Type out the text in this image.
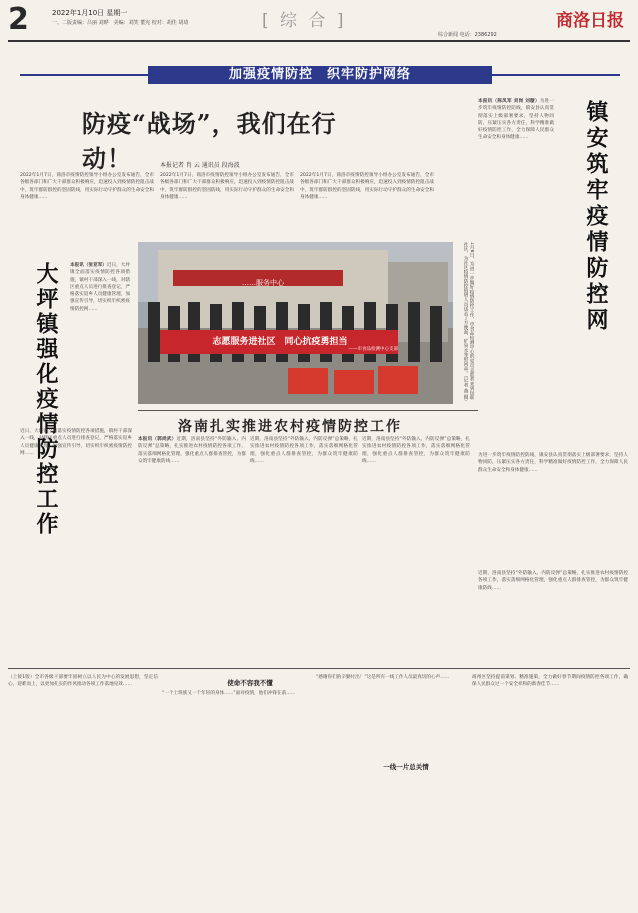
2	2022年1月10日 星期一
一、二版责编：吕丽 刘晔　美编：刘笑 董宪 校对：胡佳 胡琦	[ 综 合 ]	商洛日报
综合新闻 电话：2386292
加强疫情防控　织牢防护网络
防疫“战场”，我们在行动！	本报记者 肖 云 通讯员 段海波
2022年1月7日，商洛市疫情防控领导小组办公室发布通告，全市各级各部门和广大干部群众积极响应，迅速投入到疫情防控阻击战中，筑牢群防群控的坚固防线，用实际行动守护群众的生命安全和身体健康……
2022年1月7日，商洛市疫情防控领导小组办公室发布通告，全市各级各部门和广大干部群众积极响应，迅速投入到疫情防控阻击战中，筑牢群防群控的坚固防线，用实际行动守护群众的生命安全和身体健康……
2022年1月7日，商洛市疫情防控领导小组办公室发布通告，全市各级各部门和广大干部群众积极响应，迅速投入到疫情防控阻击战中，筑牢群防群控的坚固防线，用实际行动守护群众的生命安全和身体健康……
本报讯（陈凤军 刘岗 刘璇）为进一步筑牢疫情防控防线，镇安县认真贯彻落实上级部署要求，坚持人物同防，压紧压实各方责任，科学精准做好疫情防控工作，全力保障人民群众生命安全和身体健康……	镇安筑牢疫情防控网
为进一步筑牢疫情防控防线，镇安县认真贯彻落实上级部署要求，坚持人物同防，压紧压实各方责任，科学精准做好疫情防控工作，全力保障人民群众生命安全和身体健康……
大坪镇强化疫情防控工作	本报讯（张亚军）近日，大坪镇全面落实疫情防控各项措施，镇村干部深入一线，对辖区重点人员进行排查登记，严格落实返乡人员健康管理，加强宣传引导，切实织牢织密疫情防控网……
……服务中心
志愿服务进社区　同心抗疫勇担当
——市食品检测中心支部	1月8日，为进一步做好疫情防控工作，市食品检测中心的党员志愿者来到包联社区，为社区疫情防控值班人员送去了方便面、矿泉水等慰问品。（记者 燕 摄）
洛南扎实推进农村疫情防控工作
本报讯（郭尚武）近期，洛南县坚持“外防输入、内防反弹”总策略，扎实推进农村疫情防控各项工作，落实落细网格化管理，强化重点人群排查管控，为群众筑牢健康防线……
近期，洛南县坚持“外防输入、内防反弹”总策略，扎实推进农村疫情防控各项工作，落实落细网格化管理，强化重点人群排查管控，为群众筑牢健康防线……
近期，洛南县坚持“外防输入、内防反弹”总策略，扎实推进农村疫情防控各项工作，落实落细网格化管理，强化重点人群排查管控，为群众筑牢健康防线……
近日，大坪镇全面落实疫情防控各项措施，镇村干部深入一线，对辖区重点人员进行排查登记，严格落实返乡人员健康管理，加强宣传引导，切实织牢织密疫情防控网……
近期，洛南县坚持“外防输入、内防反弹”总策略，扎实推进农村疫情防控各项工作，落实落细网格化管理，强化重点人群排查管控，为群众筑牢健康防线……
（上接1版）全市各级干部要牢固树立以人民为中心的发展思想，坚定信心、迎难而上，以更加扎实的作风推动各项工作落地见效……	使命不容我不懂
“一个上班族又一个年轻的身体……”面对疫情，他们冲锋在前……
一线一片总关情
“感谢你们的辛勤付出！”这是所有一线工作人员最真切的心声……	商州区坚持提前谋划、精准施策，全力做好春节期间疫情防控各项工作，确保人民群众过一个安全祥和的新春佳节……
